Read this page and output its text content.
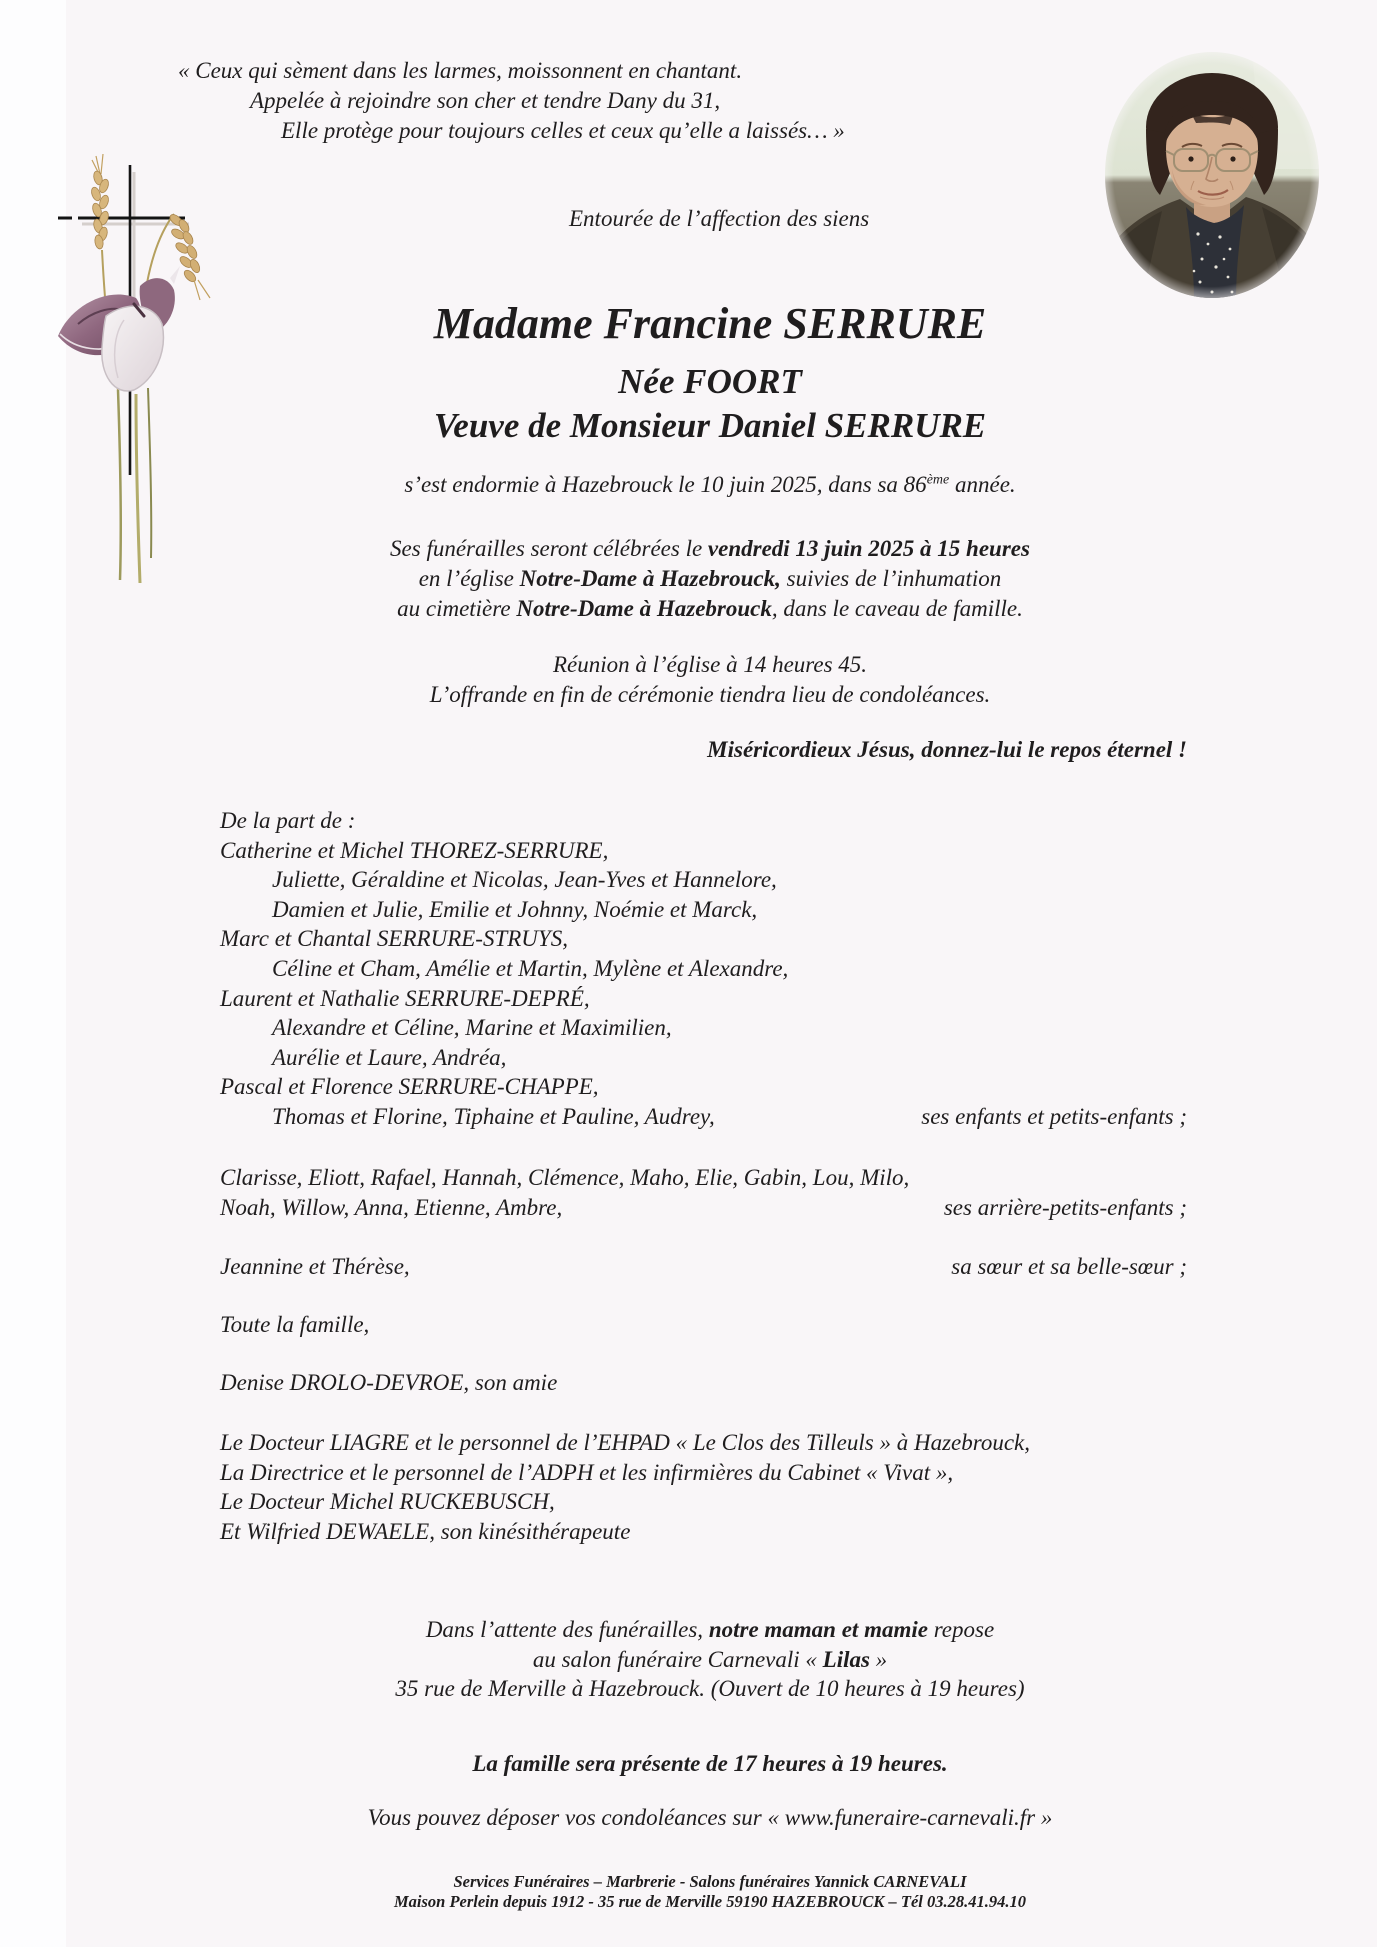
« Ceux qui sèment dans les larmes, moissonnent en chantant.
Appelée à rejoindre son cher et tendre Dany du 31,
Elle protège pour toujours celles et ceux qu’elle a laissés… »
Entourée de l’affection des siens
Madame Francine SERRURE
Née FOORT
Veuve de Monsieur Daniel SERRURE
s’est endormie à Hazebrouck le 10 juin 2025, dans sa 86ème année.
Ses funérailles seront célébrées le vendredi 13 juin 2025 à 15 heures
en l’église Notre-Dame à Hazebrouck, suivies de l’inhumation
au cimetière Notre-Dame à Hazebrouck, dans le caveau de famille.
Réunion à l’église à 14 heures 45.
L’offrande en fin de cérémonie tiendra lieu de condoléances.
Miséricordieux Jésus, donnez-lui le repos éternel !
De la part de :
Catherine et Michel THOREZ-SERRURE,
Juliette, Géraldine et Nicolas, Jean-Yves et Hannelore,
Damien et Julie, Emilie et Johnny, Noémie et Marck,
Marc et Chantal SERRURE-STRUYS,
Céline et Cham, Amélie et Martin, Mylène et Alexandre,
Laurent et Nathalie SERRURE-DEPRÉ,
Alexandre et Céline, Marine et Maximilien,
Aurélie et Laure, Andréa,
Pascal et Florence SERRURE-CHAPPE,
Thomas et Florine, Tiphaine et Pauline, Audrey,	ses enfants et petits-enfants ;
Clarisse, Eliott, Rafael, Hannah, Clémence, Maho, Elie, Gabin, Lou, Milo,
Noah, Willow, Anna, Etienne, Ambre,	ses arrière-petits-enfants ;
Jeannine et Thérèse,	sa sœur et sa belle-sœur ;
Toute la famille,
Denise DROLO-DEVROE, son amie
Le Docteur LIAGRE et le personnel de l’EHPAD « Le Clos des Tilleuls » à Hazebrouck,
La Directrice et le personnel de l’ADPH et les infirmières du Cabinet « Vivat »,
Le Docteur Michel RUCKEBUSCH,
Et Wilfried DEWAELE, son kinésithérapeute
Dans l’attente des funérailles, notre maman et mamie repose
au salon funéraire Carnevali « Lilas »
35 rue de Merville à Hazebrouck. (Ouvert de 10 heures à 19 heures)
La famille sera présente de 17 heures à 19 heures.
Vous pouvez déposer vos condoléances sur « www.funeraire-carnevali.fr »
Services Funéraires – Marbrerie - Salons funéraires Yannick CARNEVALI
Maison Perlein depuis 1912 - 35 rue de Merville 59190 HAZEBROUCK – Tél 03.28.41.94.10
